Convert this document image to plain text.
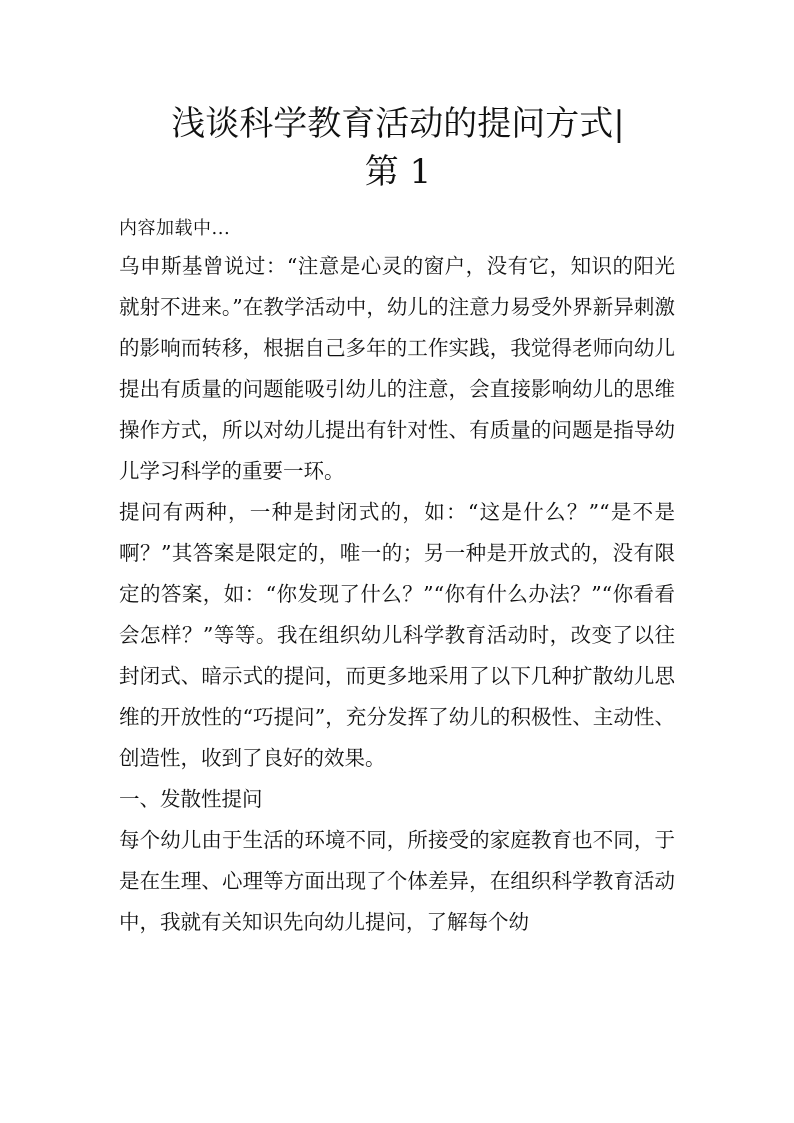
浅谈科学教育活动的提问方式|
第 1

内容加载中...

乌申斯基曾说过：“注意是心灵的窗户，没有它，知识的阳光就射不进来。”在教学活动中，幼儿的注意力易受外界新异刺激的影响而转移，根据自己多年的工作实践，我觉得老师向幼儿提出有质量的问题能吸引幼儿的注意，会直接影响幼儿的思维操作方式，所以对幼儿提出有针对性、有质量的问题是指导幼儿学习科学的重要一环。

提问有两种，一种是封闭式的，如：“这是什么？”“是不是啊？”其答案是限定的，唯一的；另一种是开放式的，没有限定的答案，如：“你发现了什么？”“你有什么办法？”“你看看会怎样？”等等。我在组织幼儿科学教育活动时，改变了以往封闭式、暗示式的提问，而更多地采用了以下几种扩散幼儿思维的开放性的“巧提问”，充分发挥了幼儿的积极性、主动性、创造性，收到了良好的效果。

一、发散性提问

每个幼儿由于生活的环境不同，所接受的家庭教育也不同，于是在生理、心理等方面出现了个体差异，在组织科学教育活动中，我就有关知识先向幼儿提问，了解每个幼
